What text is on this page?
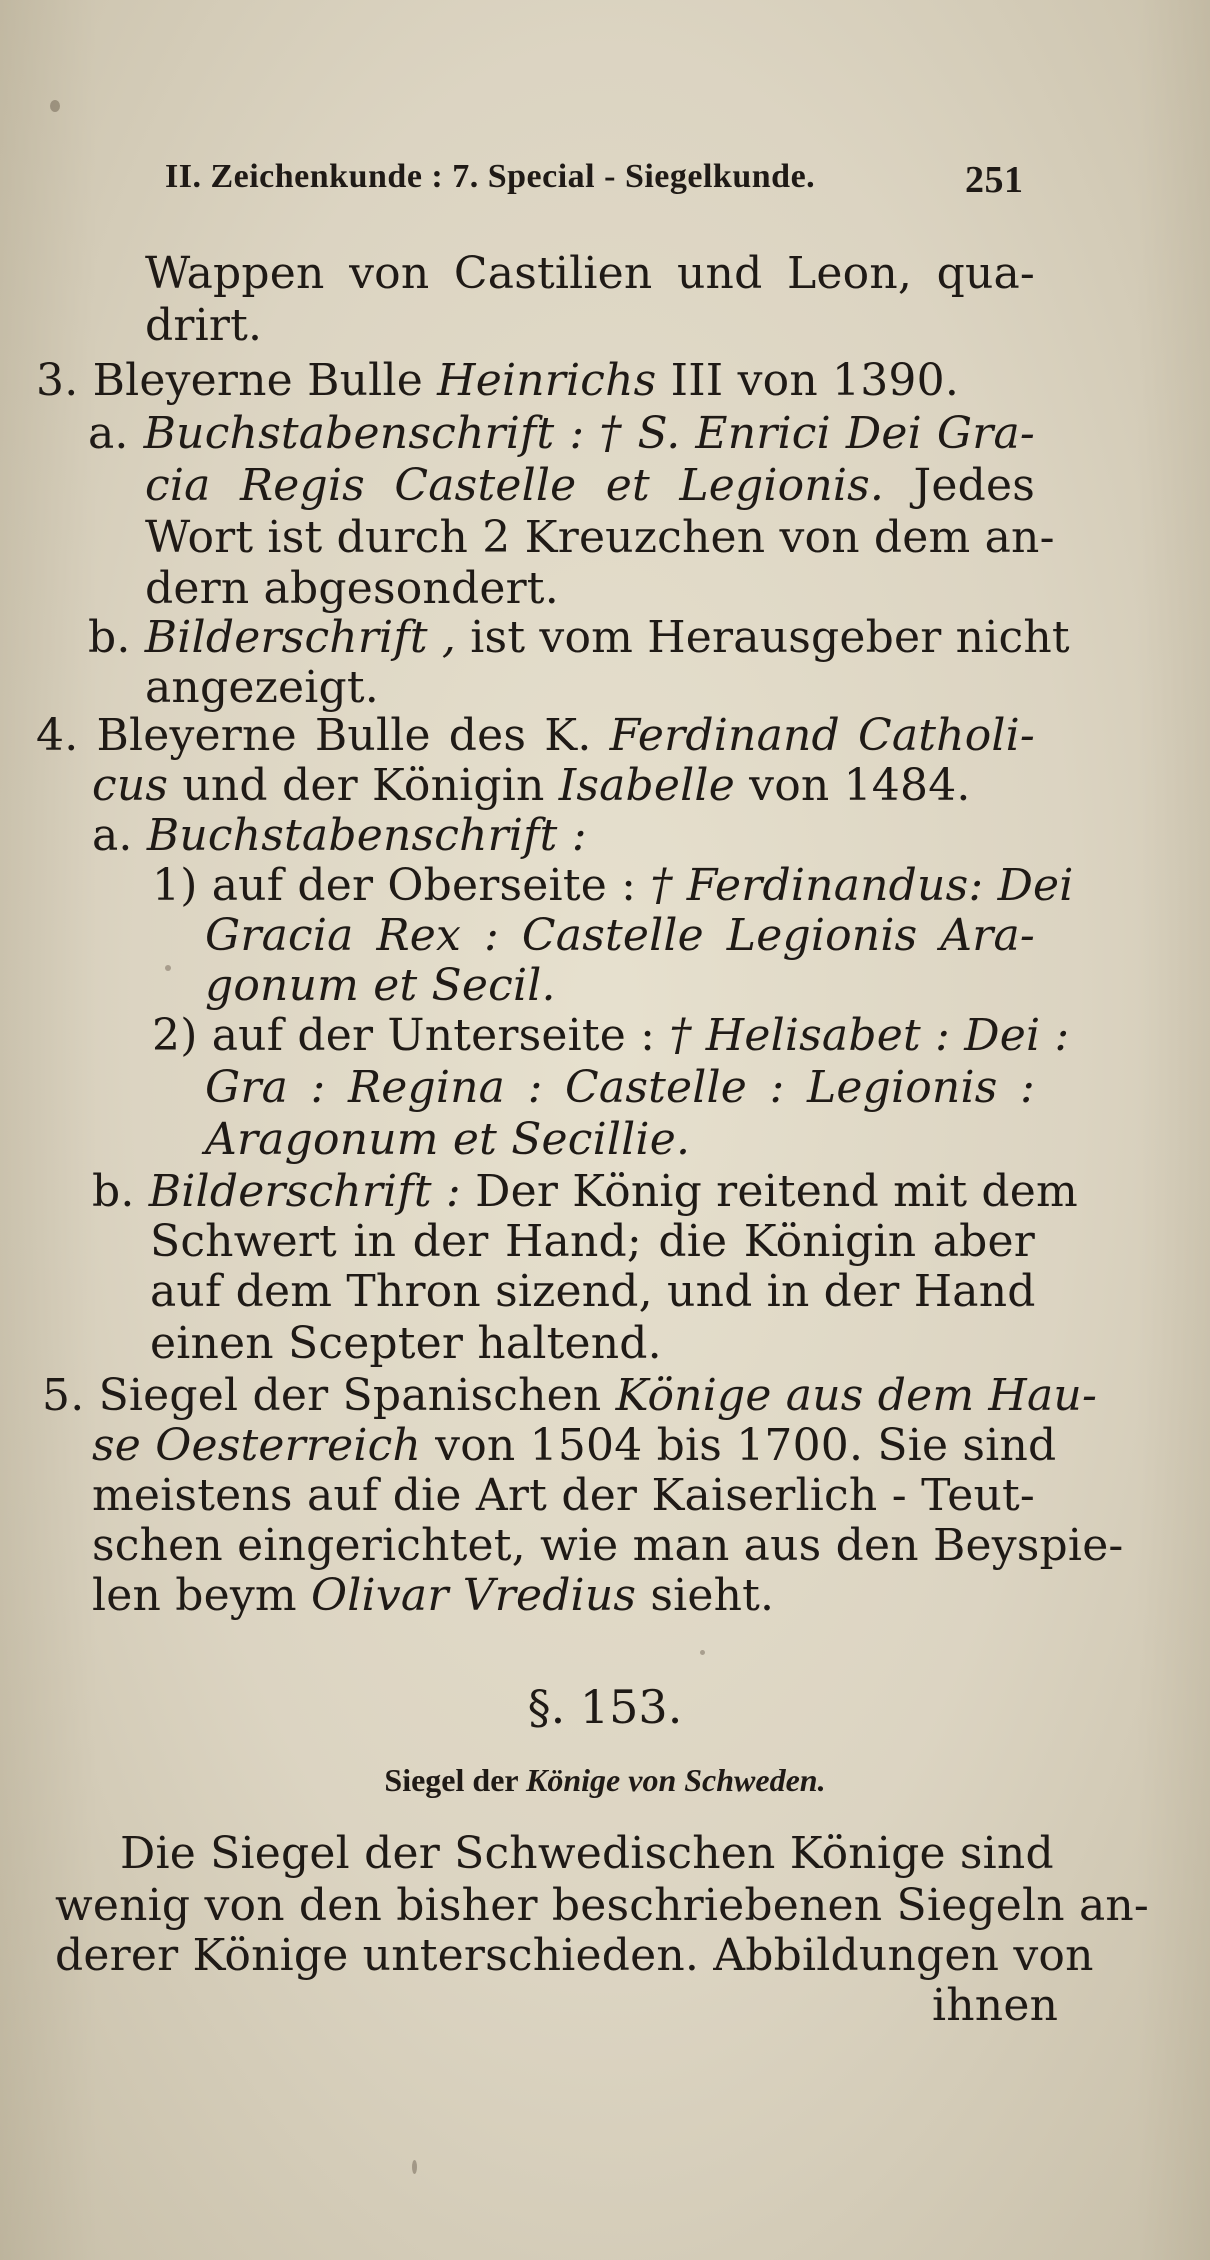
II. Zeichenkunde : 7. Special - Siegelkunde.	251
Wappen von Castilien und Leon, qua-
drirt.
3. Bleyerne Bulle Heinrichs III von 1390.
a. Buchstabenschrift : † S. Enrici Dei Gra-
cia Regis Castelle et Legionis. Jedes
Wort ist durch 2 Kreuzchen von dem an-
dern abgesondert.
b. Bilderschrift , ist vom Herausgeber nicht
angezeigt.
4. Bleyerne Bulle des K. Ferdinand Catholi-
cus und der Königin Isabelle von 1484.
a. Buchstabenschrift :
1) auf der Oberseite : † Ferdinandus: Dei
Gracia Rex : Castelle Legionis Ara-
gonum et Secil.
2) auf der Unterseite : † Helisabet : Dei :
Gra : Regina : Castelle : Legionis :
Aragonum et Secillie.
b. Bilderschrift : Der König reitend mit dem
Schwert in der Hand; die Königin aber
auf dem Thron sizend, und in der Hand
einen Scepter haltend.
5. Siegel der Spanischen Könige aus dem Hau-
se Oesterreich von 1504 bis 1700. Sie sind
meistens auf die Art der Kaiserlich - Teut-
schen eingerichtet, wie man aus den Beyspie-
len beym Olivar Vredius sieht.
§. 153.
Siegel der Könige von Schweden.
Die Siegel der Schwedischen Könige sind
wenig von den bisher beschriebenen Siegeln an-
derer Könige unterschieden. Abbildungen von
ihnen
